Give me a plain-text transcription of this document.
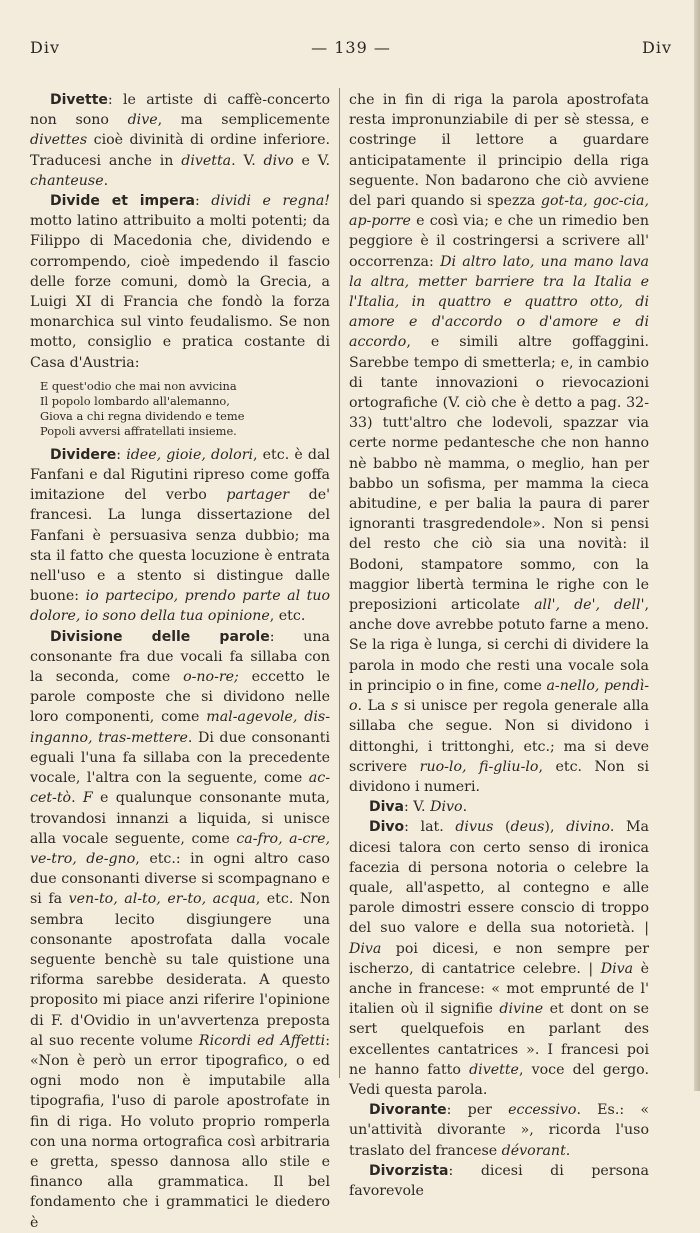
Div	— 139 —	Div

Divette: le artiste di caffè-concerto non sono dive, ma semplicemente divettes cioè divinità di ordine inferiore. Traducesi anche in divetta. V. divo e V. chanteuse.

Divide et impera: dividi e regna! motto latino attribuito a molti potenti; da Filippo di Macedonia che, dividendo e corrompendo, cioè impedendo il fascio delle forze comuni, domò la Grecia, a Luigi XI di Francia che fondò la forza monarchica sul vinto feudalismo. Se non motto, consiglio e pratica costante di Casa d'Austria:

E quest'odio che mai non avvicina
Il popolo lombardo all'alemanno,
Giova a chi regna dividendo e teme
Popoli avversi affratellati insieme.

Dividere: idee, gioie, dolori, etc. è dal Fanfani e dal Rigutini ripreso come goffa imitazione del verbo partager de' francesi. La lunga dissertazione del Fanfani è persuasiva senza dubbio; ma sta il fatto che questa locuzione è entrata nell'uso e a stento si distingue dalle buone: io partecipo, prendo parte al tuo dolore, io sono della tua opinione, etc.

Divisione delle parole: una consonante fra due vocali fa sillaba con la seconda, come o-no-re; eccetto le parole composte che si dividono nelle loro componenti, come mal-agevole, dis-inganno, tras-mettere. Di due consonanti eguali l'una fa sillaba con la precedente vocale, l'altra con la seguente, come ac-cet-tò. F e qualunque consonante muta, trovandosi innanzi a liquida, si unisce alla vocale seguente, come ca-fro, a-cre, ve-tro, de-gno, etc.: in ogni altro caso due consonanti diverse si scompagnano e si fa ven-to, al-to, er-to, acqua, etc. Non sembra lecito disgiungere una consonante apostrofata dalla vocale seguente benchè su tale quistione una riforma sarebbe desiderata. A questo proposito mi piace anzi riferire l'opinione di F. d'Ovidio in un'avvertenza preposta al suo recente volume Ricordi ed Affetti: «Non è però un error tipografico, o ed ogni modo non è imputabile alla tipografia, l'uso di parole apostrofate in fin di riga. Ho voluto proprio romperla con una norma ortografica così arbitraria e gretta, spesso dannosa allo stile e financo alla grammatica. Il bel fondamento che i grammatici le diedero è

che in fin di riga la parola apostrofata resta impronunziabile di per sè stessa, e costringe il lettore a guardare anticipatamente il principio della riga seguente. Non badarono che ciò avviene del pari quando si spezza got-ta, goc-cia, ap-porre e così via; e che un rimedio ben peggiore è il costringersi a scrivere all' occorrenza: Di altro lato, una mano lava la altra, metter barriere tra la Italia e l'Italia, in quattro e quattro otto, di amore e d'accordo o d'amore e di accordo, e simili altre goffaggini. Sarebbe tempo di smetterla; e, in cambio di tante innovazioni o rievocazioni ortografiche (V. ciò che è detto a pag. 32-33) tutt'altro che lodevoli, spazzar via certe norme pedantesche che non hanno nè babbo nè mamma, o meglio, han per babbo un sofisma, per mamma la cieca abitudine, e per balia la paura di parer ignoranti trasgredendole». Non si pensi del resto che ciò sia una novità: il Bodoni, stampatore sommo, con la maggior libertà termina le righe con le preposizioni articolate all', de', dell', anche dove avrebbe potuto farne a meno. Se la riga è lunga, si cerchi di dividere la parola in modo che resti una vocale sola in principio o in fine, come a-nello, pendì-o. La s si unisce per regola generale alla sillaba che segue. Non si dividono i dittonghi, i trittonghi, etc.; ma si deve scrivere ruo-lo, fi-gliu-lo, etc. Non si dividono i numeri.

Diva: V. Divo.

Divo: lat. divus (deus), divino. Ma dicesi talora con certo senso di ironica facezia di persona notoria o celebre la quale, all'aspetto, al contegno e alle parole dimostri essere conscio di troppo del suo valore e della sua notorietà. | Diva poi dicesi, e non sempre per ischerzo, di cantatrice celebre. | Diva è anche in francese: « mot emprunté de l' italien où il signifie divine et dont on se sert quelquefois en parlant des excellentes cantatrices ». I francesi poi ne hanno fatto divette, voce del gergo. Vedi questa parola.

Divorante: per eccessivo. Es.: « un'attività divorante », ricorda l'uso traslato del francese dévorant.

Divorzista: dicesi di persona favorevole
